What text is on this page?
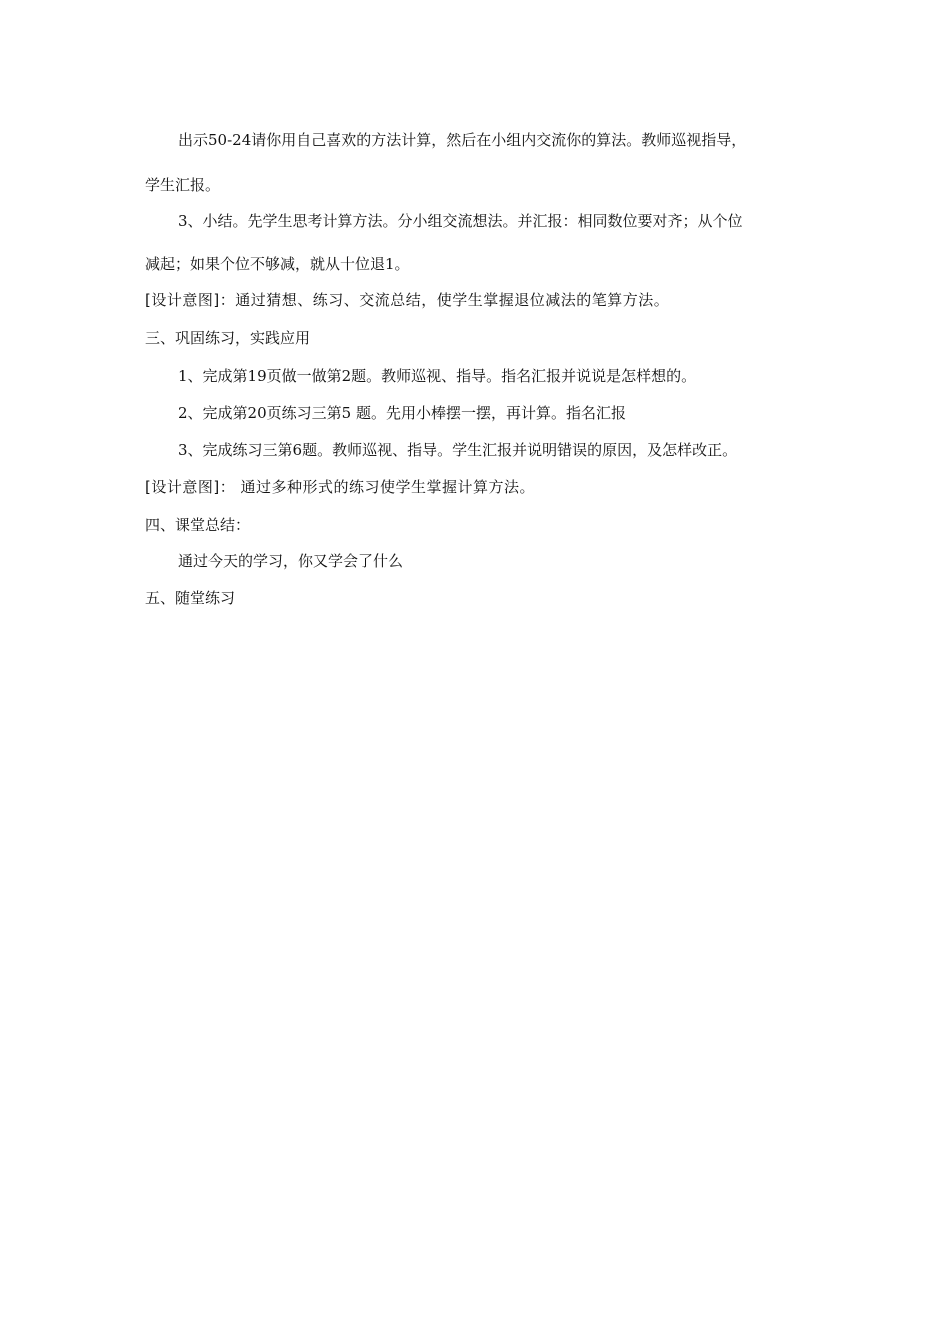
出示50-24请你用自己喜欢的方法计算，然后在小组内交流你的算法。教师巡视指导，
学生汇报。
3、小结。先学生思考计算方法。分小组交流想法。并汇报：相同数位要对齐；从个位
减起；如果个位不够减，就从十位退1。
[设计意图]：通过猜想、练习、交流总结，使学生掌握退位减法的笔算方法。
三、巩固练习，实践应用
1、完成第19页做一做第2题。教师巡视、指导。指名汇报并说说是怎样想的。
2、完成第20页练习三第5 题。先用小棒摆一摆，再计算。指名汇报
3、完成练习三第6题。教师巡视、指导。学生汇报并说明错误的原因，及怎样改正。
[设计意图]： 通过多种形式的练习使学生掌握计算方法。
四、课堂总结：
通过今天的学习，你又学会了什么
五、随堂练习
